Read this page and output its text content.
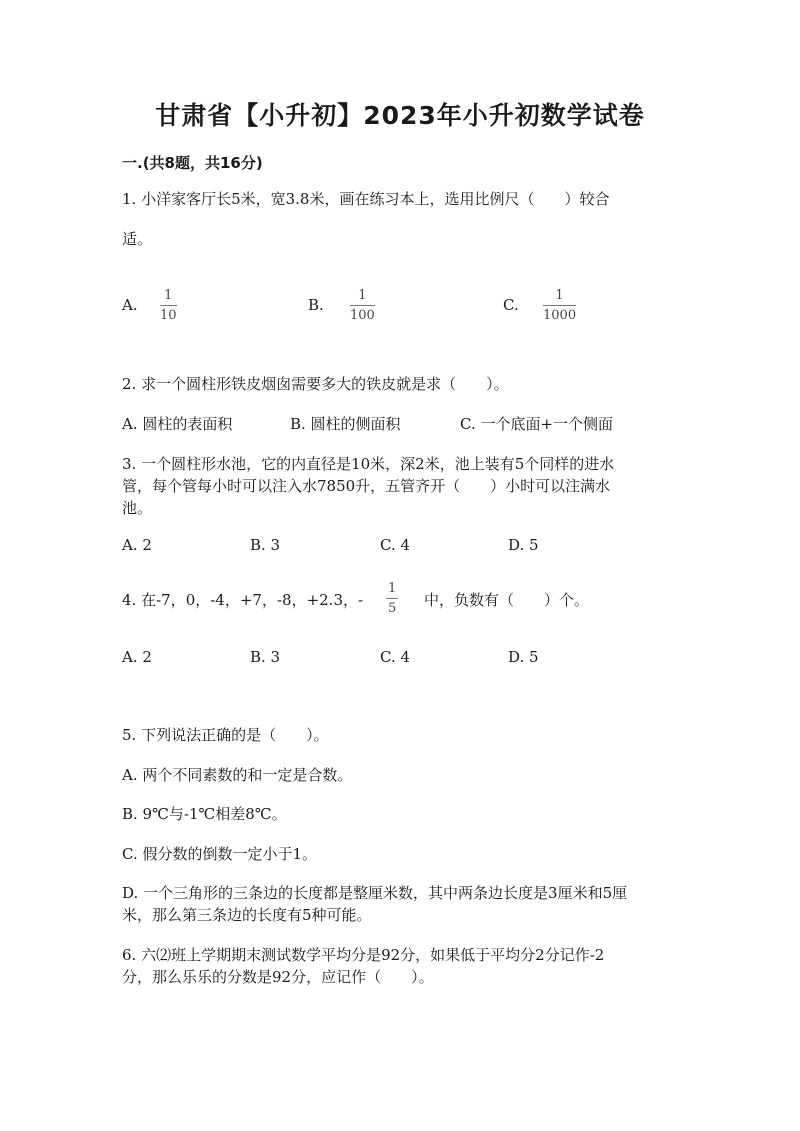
甘肃省【小升初】2023年小升初数学试卷
一.(共8题，共16分)
1. 小洋家客厅长5米，宽3.8米，画在练习本上，选用比例尺（　　）较合
适。
A.
1
10
B.
1
100
C.
1
1000
2. 求一个圆柱形铁皮烟囱需要多大的铁皮就是求（　　）。
A. 圆柱的表面积	B. 圆柱的侧面积	C. 一个底面+一个侧面
3. 一个圆柱形水池，它的内直径是10米，深2米，池上装有5个同样的进水
管，每个管每小时可以注入水7850升，五管齐开（　　）小时可以注满水
池。
A. 2	B. 3	C. 4	D. 5
4. 在-7，0，-4，+7，-8，+2.3，-
1
5 中，负数有（　　）个。
A. 2	B. 3	C. 4	D. 5
5. 下列说法正确的是（　　）。
A. 两个不同素数的和一定是合数。
B. 9℃与-1℃相差8℃。
C. 假分数的倒数一定小于1。
D. 一个三角形的三条边的长度都是整厘米数，其中两条边长度是3厘米和5厘
米，那么第三条边的长度有5种可能。
6. 六⑵班上学期期末测试数学平均分是92分，如果低于平均分2分记作-2
分，那么乐乐的分数是92分，应记作（　　）。
